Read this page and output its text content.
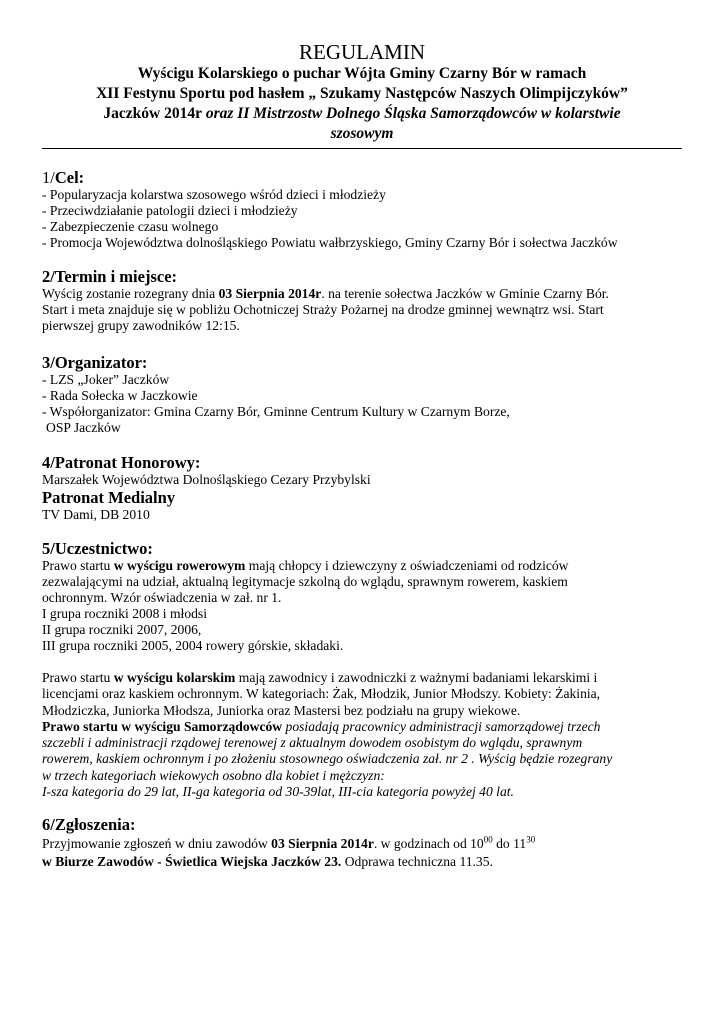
REGULAMIN

Wyścigu Kolarskiego o puchar Wójta Gminy Czarny Bór w ramach

XII Festynu Sportu pod hasłem „ Szukamy Następców Naszych Olimpijczyków”

Jaczków 2014r oraz II Mistrzostw Dolnego Śląska Samorządowców w kolarstwie

szosowym

1/Cel:

- Popularyzacja kolarstwa szosowego wśród dzieci i młodzieży

- Przeciwdziałanie patologii dzieci i młodzieży

- Zabezpieczenie czasu wolnego

- Promocja Województwa dolnośląskiego Powiatu wałbrzyskiego, Gminy Czarny Bór i sołectwa Jaczków

2/Termin i miejsce:

Wyścig zostanie rozegrany dnia 03 Sierpnia 2014r. na terenie sołectwa Jaczków w Gminie Czarny Bór.

Start i meta znajduje się w pobliżu Ochotniczej Straży Pożarnej na drodze gminnej wewnątrz wsi. Start

pierwszej grupy zawodników 12:15.

3/Organizator:

- LZS „Joker” Jaczków

- Rada Sołecka w Jaczkowie

- Współorganizator: Gmina Czarny Bór, Gminne Centrum Kultury w Czarnym Borze,

OSP Jaczków

4/Patronat Honorowy:

Marszałek Województwa Dolnośląskiego Cezary Przybylski

Patronat Medialny

TV Dami, DB 2010

5/Uczestnictwo:

Prawo startu w wyścigu rowerowym mają chłopcy i dziewczyny z oświadczeniami od rodziców

zezwalającymi na udział, aktualną legitymacje szkolną do wglądu, sprawnym rowerem, kaskiem

ochronnym. Wzór oświadczenia w zał. nr 1.

I grupa roczniki 2008 i młodsi

II grupa roczniki 2007, 2006,

III grupa roczniki 2005, 2004 rowery górskie, składaki.

Prawo startu w wyścigu kolarskim mają zawodnicy i zawodniczki z ważnymi badaniami lekarskimi i

licencjami oraz kaskiem ochronnym. W kategoriach: Żak, Młodzik, Junior Młodszy. Kobiety: Żakinia,

Młodziczka, Juniorka Młodsza, Juniorka oraz Mastersi bez podziału na grupy wiekowe.

Prawo startu w wyścigu Samorządowców posiadają pracownicy administracji samorządowej trzech

szczebli i administracji rządowej terenowej z aktualnym dowodem osobistym do wglądu, sprawnym

rowerem, kaskiem ochronnym i po złożeniu stosownego oświadczenia zał. nr 2 . Wyścig będzie rozegrany

w trzech kategoriach wiekowych osobno dla kobiet i mężczyzn:

I-sza kategoria do 29 lat, II-ga kategoria od 30-39lat, III-cia kategoria powyżej 40 lat.

6/Zgłoszenia:

Przyjmowanie zgłoszeń w dniu zawodów 03 Sierpnia 2014r. w godzinach od $10^{00}$ do $11^{30}$

w Biurze Zawodów - Świetlica Wiejska Jaczków 23. Odprawa techniczna 11.35.
